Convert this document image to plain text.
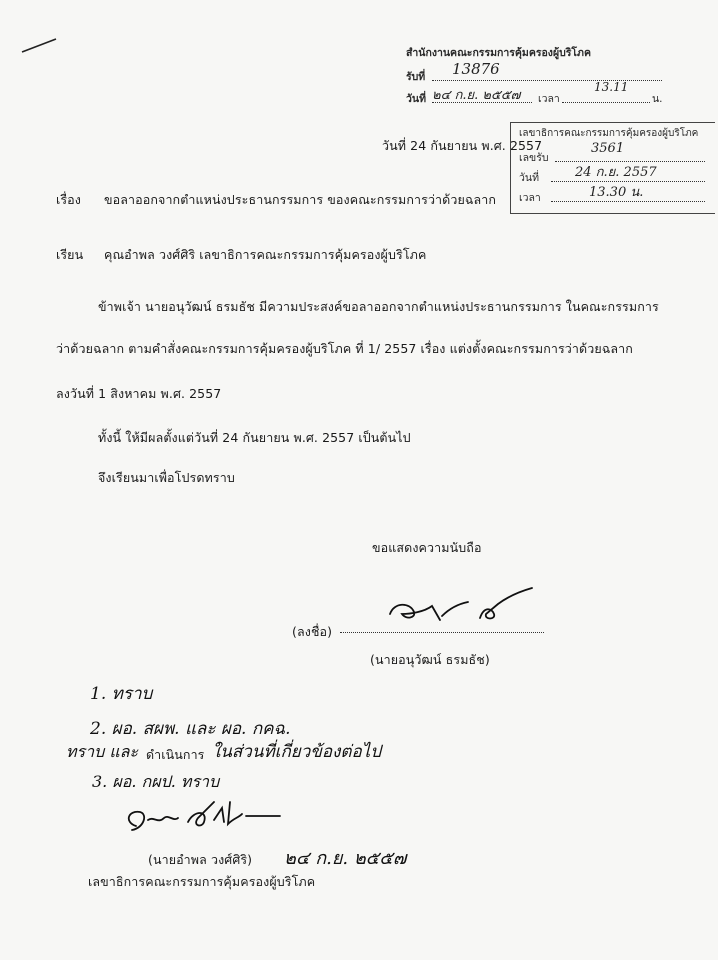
สำนักงานคณะกรรมการคุ้มครองผู้บริโภค
รับที่ 13876
วันที่ ๒๔ ก.ย. ๒๕๕๗ เวลา
13.11
น.
วันที่ 24 กันยายน พ.ศ. 2557
เลขาธิการคณะกรรมการคุ้มครองผู้บริโภค
เลขรับ
3561
วันที่	24 ก.ย. 2557
เวลา	13.30 น.
เรื่อง ขอลาออกจากตำแหน่งประธานกรรมการ ของคณะกรรมการว่าด้วยฉลาก
เรียน คุณอำพล วงศ์ศิริ เลขาธิการคณะกรรมการคุ้มครองผู้บริโภค
ข้าพเจ้า นายอนุวัฒน์ ธรมธัช มีความประสงค์ขอลาออกจากตำแหน่งประธานกรรมการ ในคณะกรรมการ
ว่าด้วยฉลาก ตามคำสั่งคณะกรรมการคุ้มครองผู้บริโภค ที่ 1/ 2557 เรื่อง แต่งตั้งคณะกรรมการว่าด้วยฉลาก
ลงวันที่ 1 สิงหาคม พ.ศ. 2557
ทั้งนี้ ให้มีผลตั้งแต่วันที่ 24 กันยายน พ.ศ. 2557 เป็นต้นไป
จึงเรียนมาเพื่อโปรดทราบ
ขอแสดงความนับถือ
(ลงชื่อ)
(นายอนุวัฒน์ ธรมธัช)
1. ทราบ
2. ผอ. สผพ. และ ผอ. กคฉ.
ทราบ และ ดำเนินการ ในส่วนที่เกี่ยวข้องต่อไป
3. ผอ. กผป. ทราบ
(นายอำพล วงศ์ศิริ) ๒๔ ก.ย. ๒๕๕๗
เลขาธิการคณะกรรมการคุ้มครองผู้บริโภค
